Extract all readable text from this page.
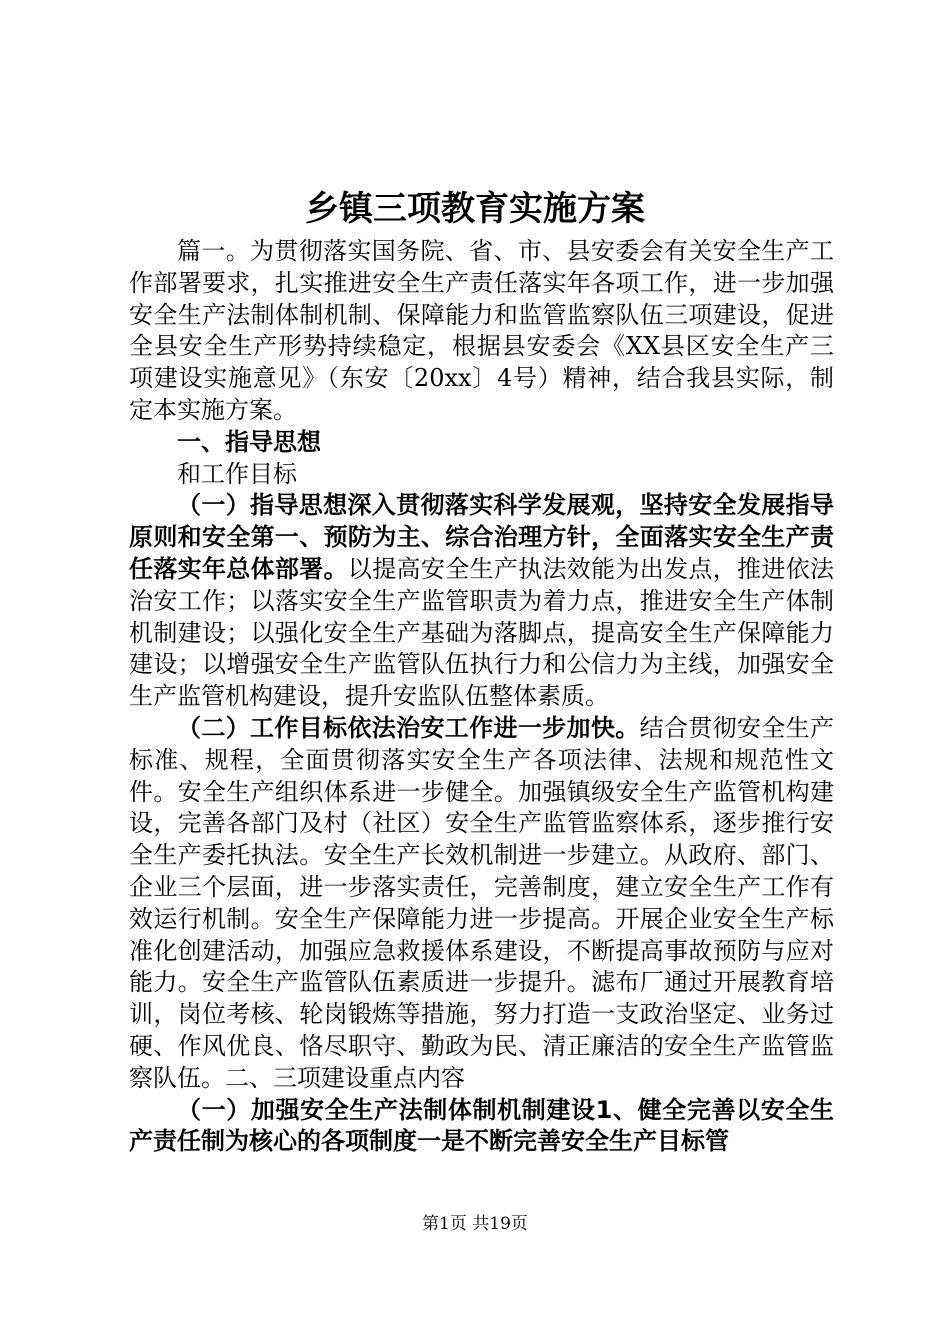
乡镇三项教育实施方案

篇一。为贯彻落实国务院、省、市、县安委会有关安全生产工作部署要求，扎实推进安全生产责任落实年各项工作，进一步加强安全生产法制体制机制、保障能力和监管监察队伍三项建设，促进全县安全生产形势持续稳定，根据县安委会《XX县区安全生产三项建设实施意见》（东安〔20xx〕4号）精神，结合我县实际，制定本实施方案。

一、指导思想

和工作目标

（一）指导思想深入贯彻落实科学发展观，坚持安全发展指导原则和安全第一、预防为主、综合治理方针，全面落实安全生产责任落实年总体部署。以提高安全生产执法效能为出发点，推进依法治安工作；以落实安全生产监管职责为着力点，推进安全生产体制机制建设；以强化安全生产基础为落脚点，提高安全生产保障能力建设；以增强安全生产监管队伍执行力和公信力为主线，加强安全生产监管机构建设，提升安监队伍整体素质。

（二）工作目标依法治安工作进一步加快。结合贯彻安全生产标准、规程，全面贯彻落实安全生产各项法律、法规和规范性文件。安全生产组织体系进一步健全。加强镇级安全生产监管机构建设，完善各部门及村（社区）安全生产监管监察体系，逐步推行安全生产委托执法。安全生产长效机制进一步建立。从政府、部门、企业三个层面，进一步落实责任，完善制度，建立安全生产工作有效运行机制。安全生产保障能力进一步提高。开展企业安全生产标准化创建活动，加强应急救援体系建设，不断提高事故预防与应对能力。安全生产监管队伍素质进一步提升。滤布厂通过开展教育培训，岗位考核、轮岗锻炼等措施，努力打造一支政治坚定、业务过硬、作风优良、恪尽职守、勤政为民、清正廉洁的安全生产监管监察队伍。二、三项建设重点内容

（一）加强安全生产法制体制机制建设1、健全完善以安全生产责任制为核心的各项制度一是不断完善安全生产目标管

第1页 共19页
